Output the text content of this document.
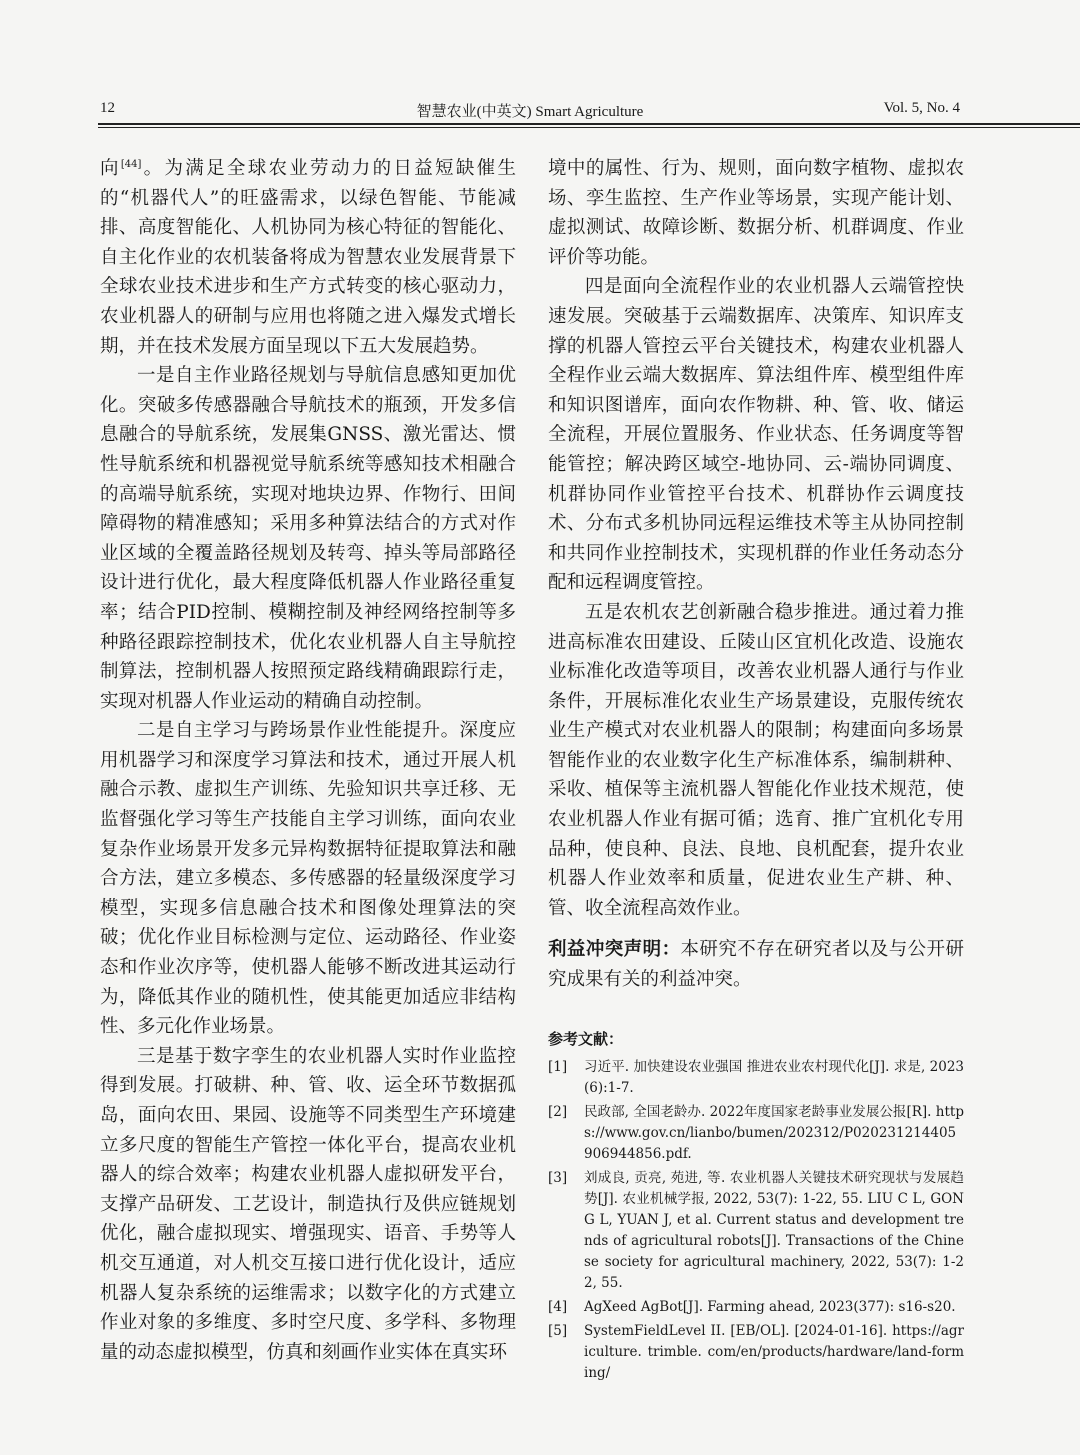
12	智慧农业(中英文) Smart Agriculture	Vol. 5, No. 4

向[44]。为满足全球农业劳动力的日益短缺催生的“机器代人”的旺盛需求，以绿色智能、节能减排、高度智能化、人机协同为核心特征的智能化、自主化作业的农机装备将成为智慧农业发展背景下全球农业技术进步和生产方式转变的核心驱动力，农业机器人的研制与应用也将随之进入爆发式增长期，并在技术发展方面呈现以下五大发展趋势。

一是自主作业路径规划与导航信息感知更加优化。突破多传感器融合导航技术的瓶颈，开发多信息融合的导航系统，发展集GNSS、激光雷达、惯性导航系统和机器视觉导航系统等感知技术相融合的高端导航系统，实现对地块边界、作物行、田间障碍物的精准感知；采用多种算法结合的方式对作业区域的全覆盖路径规划及转弯、掉头等局部路径设计进行优化，最大程度降低机器人作业路径重复率；结合PID控制、模糊控制及神经网络控制等多种路径跟踪控制技术，优化农业机器人自主导航控制算法，控制机器人按照预定路线精确跟踪行走，实现对机器人作业运动的精确自动控制。

二是自主学习与跨场景作业性能提升。深度应用机器学习和深度学习算法和技术，通过开展人机融合示教、虚拟生产训练、先验知识共享迁移、无监督强化学习等生产技能自主学习训练，面向农业复杂作业场景开发多元异构数据特征提取算法和融合方法，建立多模态、多传感器的轻量级深度学习模型，实现多信息融合技术和图像处理算法的突破；优化作业目标检测与定位、运动路径、作业姿态和作业次序等，使机器人能够不断改进其运动行为，降低其作业的随机性，使其能更加适应非结构性、多元化作业场景。

三是基于数字孪生的农业机器人实时作业监控得到发展。打破耕、种、管、收、运全环节数据孤岛，面向农田、果园、设施等不同类型生产环境建立多尺度的智能生产管控一体化平台，提高农业机器人的综合效率；构建农业机器人虚拟研发平台，支撑产品研发、工艺设计，制造执行及供应链规划优化，融合虚拟现实、增强现实、语音、手势等人机交互通道，对人机交互接口进行优化设计，适应机器人复杂系统的运维需求；以数字化的方式建立作业对象的多维度、多时空尺度、多学科、多物理量的动态虚拟模型，仿真和刻画作业实体在真实环

境中的属性、行为、规则，面向数字植物、虚拟农场、孪生监控、生产作业等场景，实现产能计划、虚拟测试、故障诊断、数据分析、机群调度、作业评价等功能。

四是面向全流程作业的农业机器人云端管控快速发展。突破基于云端数据库、决策库、知识库支撑的机器人管控云平台关键技术，构建农业机器人全程作业云端大数据库、算法组件库、模型组件库和知识图谱库，面向农作物耕、种、管、收、储运全流程，开展位置服务、作业状态、任务调度等智能管控；解决跨区域空-地协同、云-端协同调度、机群协同作业管控平台技术、机群协作云调度技术、分布式多机协同远程运维技术等主从协同控制和共同作业控制技术，实现机群的作业任务动态分配和远程调度管控。

五是农机农艺创新融合稳步推进。通过着力推进高标准农田建设、丘陵山区宜机化改造、设施农业标准化改造等项目，改善农业机器人通行与作业条件，开展标准化农业生产场景建设，克服传统农业生产模式对农业机器人的限制；构建面向多场景智能作业的农业数字化生产标准体系，编制耕种、采收、植保等主流机器人智能化作业技术规范，使农业机器人作业有据可循；选育、推广宜机化专用品种，使良种、良法、良地、良机配套，提升农业机器人作业效率和质量，促进农业生产耕、种、管、收全流程高效作业。

利益冲突声明：本研究不存在研究者以及与公开研究成果有关的利益冲突。

参考文献：
[1]	习近平. 加快建设农业强国 推进农业农村现代化[J]. 求是, 2023(6):1-7.
[2]	民政部, 全国老龄办. 2022年度国家老龄事业发展公报[R]. https://www.gov.cn/lianbo/bumen/202312/P020231214405906944856.pdf.
[3]	刘成良, 贡亮, 苑进, 等. 农业机器人关键技术研究现状与发展趋势[J]. 农业机械学报, 2022, 53(7): 1-22, 55. LIU C L, GONG L, YUAN J, et al. Current status and development trends of agricultural robots[J]. Transactions of the Chinese society for agricultural machinery, 2022, 53(7): 1-22, 55.
[4]	AgXeed AgBot[J]. Farming ahead, 2023(377): s16-s20.
[5]	SystemFieldLevel II. [EB/OL]. [2024-01-16]. https://agriculture. trimble. com/en/products/hardware/land-forming/
